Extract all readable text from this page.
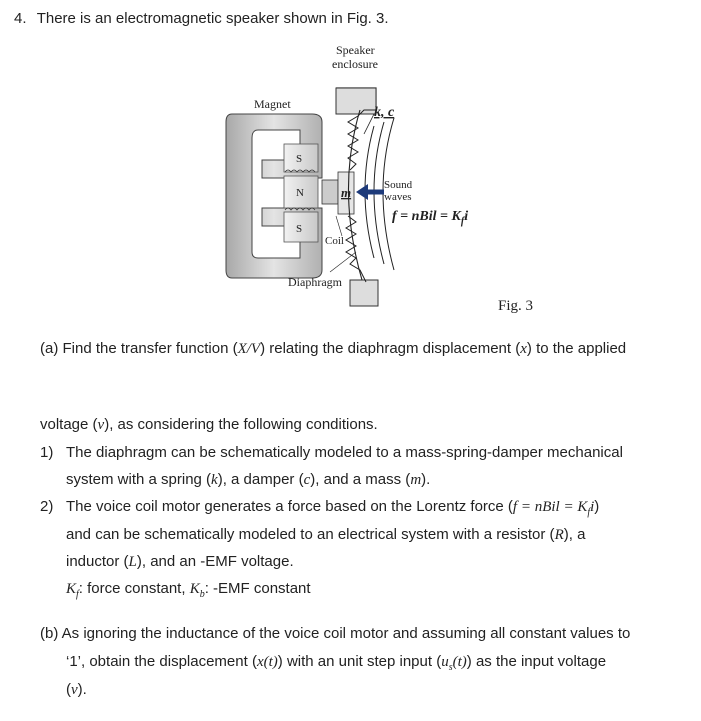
4. There is an electromagnetic speaker shown in Fig. 3.
Speaker
enclosure
Magnet
k, c
S
N
S
m	Sound
waves
Coil
Diaphragm
f = nBil = $K_fi$
Fig. 3
(a) Find the transfer function (X/V) relating the diaphragm displacement (x) to the applied
voltage (v), as considering the following conditions.
1) The diaphragm can be schematically modeled to a mass-spring-damper mechanical
system with a spring (k), a damper (c), and a mass (m).
2) The voice coil motor generates a force based on the Lorentz force (f = nBil = $K_fi$)
and can be schematically modeled to an electrical system with a resistor (R), a
inductor (L), and an -EMF voltage.
$K_f$: force constant, $K_b$: -EMF constant
(b) As ignoring the inductance of the voice coil motor and assuming all constant values to
‘1’, obtain the displacement (x(t)) with an unit step input $(u_s(t))$ as the input voltage
(v).
